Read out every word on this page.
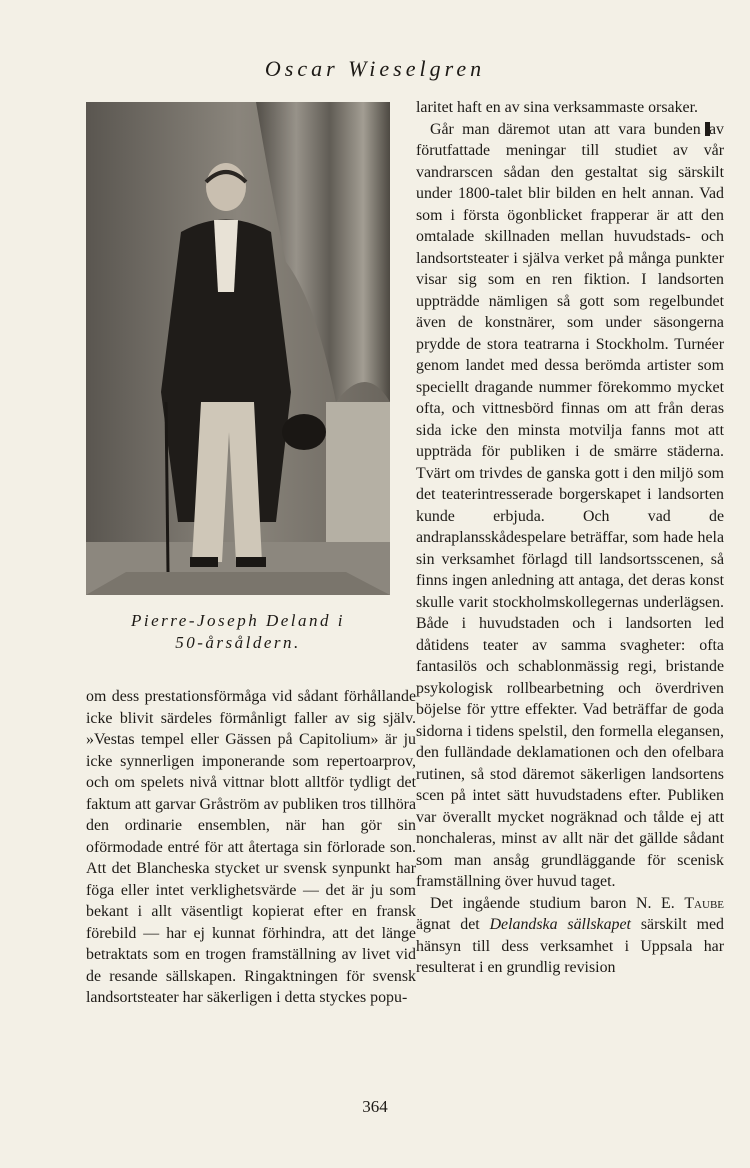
Oscar Wieselgren
Pierre-Joseph Deland i
50-årsåldern.

om dess prestationsförmåga vid sådant förhållande icke blivit särdeles förmånligt faller av sig själv. »Vestas tempel eller Gässen på Capitolium» är ju icke synnerligen imponerande som repertoarprov, och om spelets nivå vittnar blott alltför tydligt det faktum att garvar Gråström av publiken tros tillhöra den ordinarie ensemblen, när han gör sin oförmodade entré för att återtaga sin förlorade son. Att det Blancheska stycket ur svensk synpunkt har föga eller intet verklighetsvärde — det är ju som bekant i allt väsentligt kopierat efter en fransk förebild — har ej kunnat förhindra, att det länge betraktats som en trogen framställning av livet vid de resande sällskapen. Ringaktningen för svensk landsortsteater har säkerligen i detta styckes popu-

laritet haft en av sina verksammaste orsaker.

Går man däremot utan att vara bunden av förutfattade meningar till studiet av vår vandrarscen sådan den gestaltat sig särskilt under 1800-talet blir bilden en helt annan. Vad som i första ögonblicket frapperar är att den omtalade skillnaden mellan huvudstads- och landsortsteater i själva verket på många punkter visar sig som en ren fiktion. I landsorten uppträdde nämligen så gott som regelbundet även de konstnärer, som under säsongerna prydde de stora teatrarna i Stockholm. Turnéer genom landet med dessa berömda artister som speciellt dragande nummer förekommo mycket ofta, och vittnesbörd finnas om att från deras sida icke den minsta motvilja fanns mot att uppträda för publiken i de smärre städerna. Tvärt om trivdes de ganska gott i den miljö som det teaterintresserade borgerskapet i landsorten kunde erbjuda. Och vad de andraplansskådespelare beträffar, som hade hela sin verksamhet förlagd till landsortsscenen, så finns ingen anledning att antaga, det deras konst skulle varit stockholmskollegernas underlägsen. Både i huvudstaden och i landsorten led dåtidens teater av samma svagheter: ofta fantasilös och schablonmässig regi, bristande psykologisk rollbearbetning och överdriven böjelse för yttre effekter. Vad beträffar de goda sidorna i tidens spelstil, den formella elegansen, den fulländade deklamationen och den ofelbara rutinen, så stod däremot säkerligen landsortens scen på intet sätt huvudstadens efter. Publiken var överallt mycket nogräknad och tålde ej att nonchaleras, minst av allt när det gällde sådant som man ansåg grundläggande för scenisk framställning över huvud taget.

Det ingående studium baron N. E. Taube ägnat det Delandska sällskapet särskilt med hänsyn till dess verksamhet i Uppsala har resulterat i en grundlig revision

364
